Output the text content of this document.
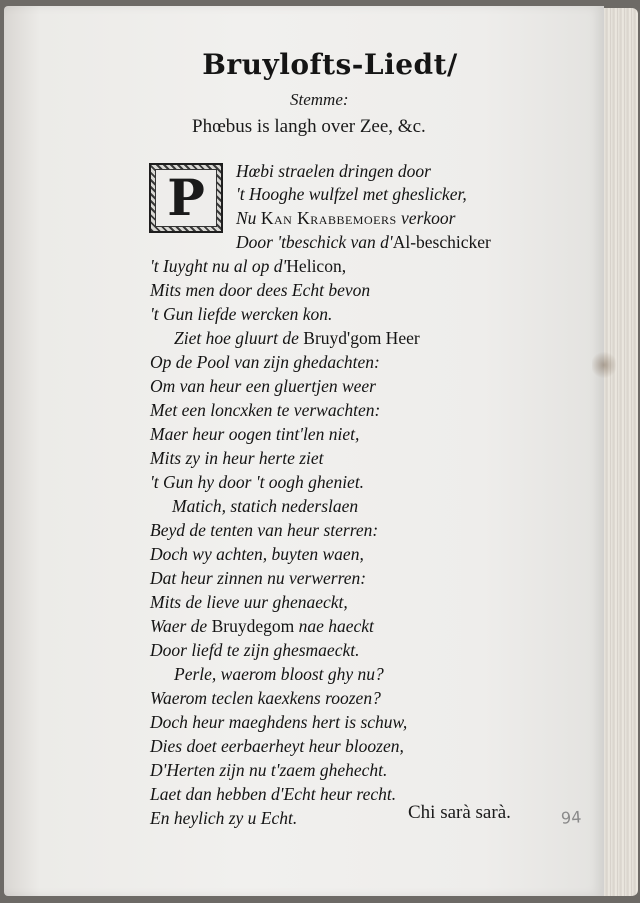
Bruylofts-Liedt/
Stemme:
Phœbus is langh over Zee, &c.
P	Hœbi straelen dringen door
't Hooghe wulfzel met gheslicker,
Nu Kan Krabbemoers verkoor
Door 'tbeschick van d'Al-beschicker
't Iuyght nu al op d'Helicon,
Mits men door dees Echt bevon
't Gun liefde wercken kon.
Ziet hoe gluurt de Bruyd'gom Heer
Op de Pool van zijn ghedachten:
Om van heur een gluertjen weer
Met een loncxken te verwachten:
Maer heur oogen tint'len niet,
Mits zy in heur herte ziet
't Gun hy door 't oogh gheniet.
Matich, statich nederslaen
Beyd de tenten van heur sterren:
Doch wy achten, buyten waen,
Dat heur zinnen nu verwerren:
Mits de lieve uur ghenaeckt,
Waer de Bruydegom nae haeckt
Door liefd te zijn ghesmaeckt.
Perle, waerom bloost ghy nu?
Waerom teclen kaexkens roozen?
Doch heur maeghdens hert is schuw,
Dies doet eerbaerheyt heur bloozen,
D'Herten zijn nu t'zaem ghehecht.
Laet dan hebben d'Echt heur recht.
En heylich zy u Echt.	Chi sarà sarà.	94
